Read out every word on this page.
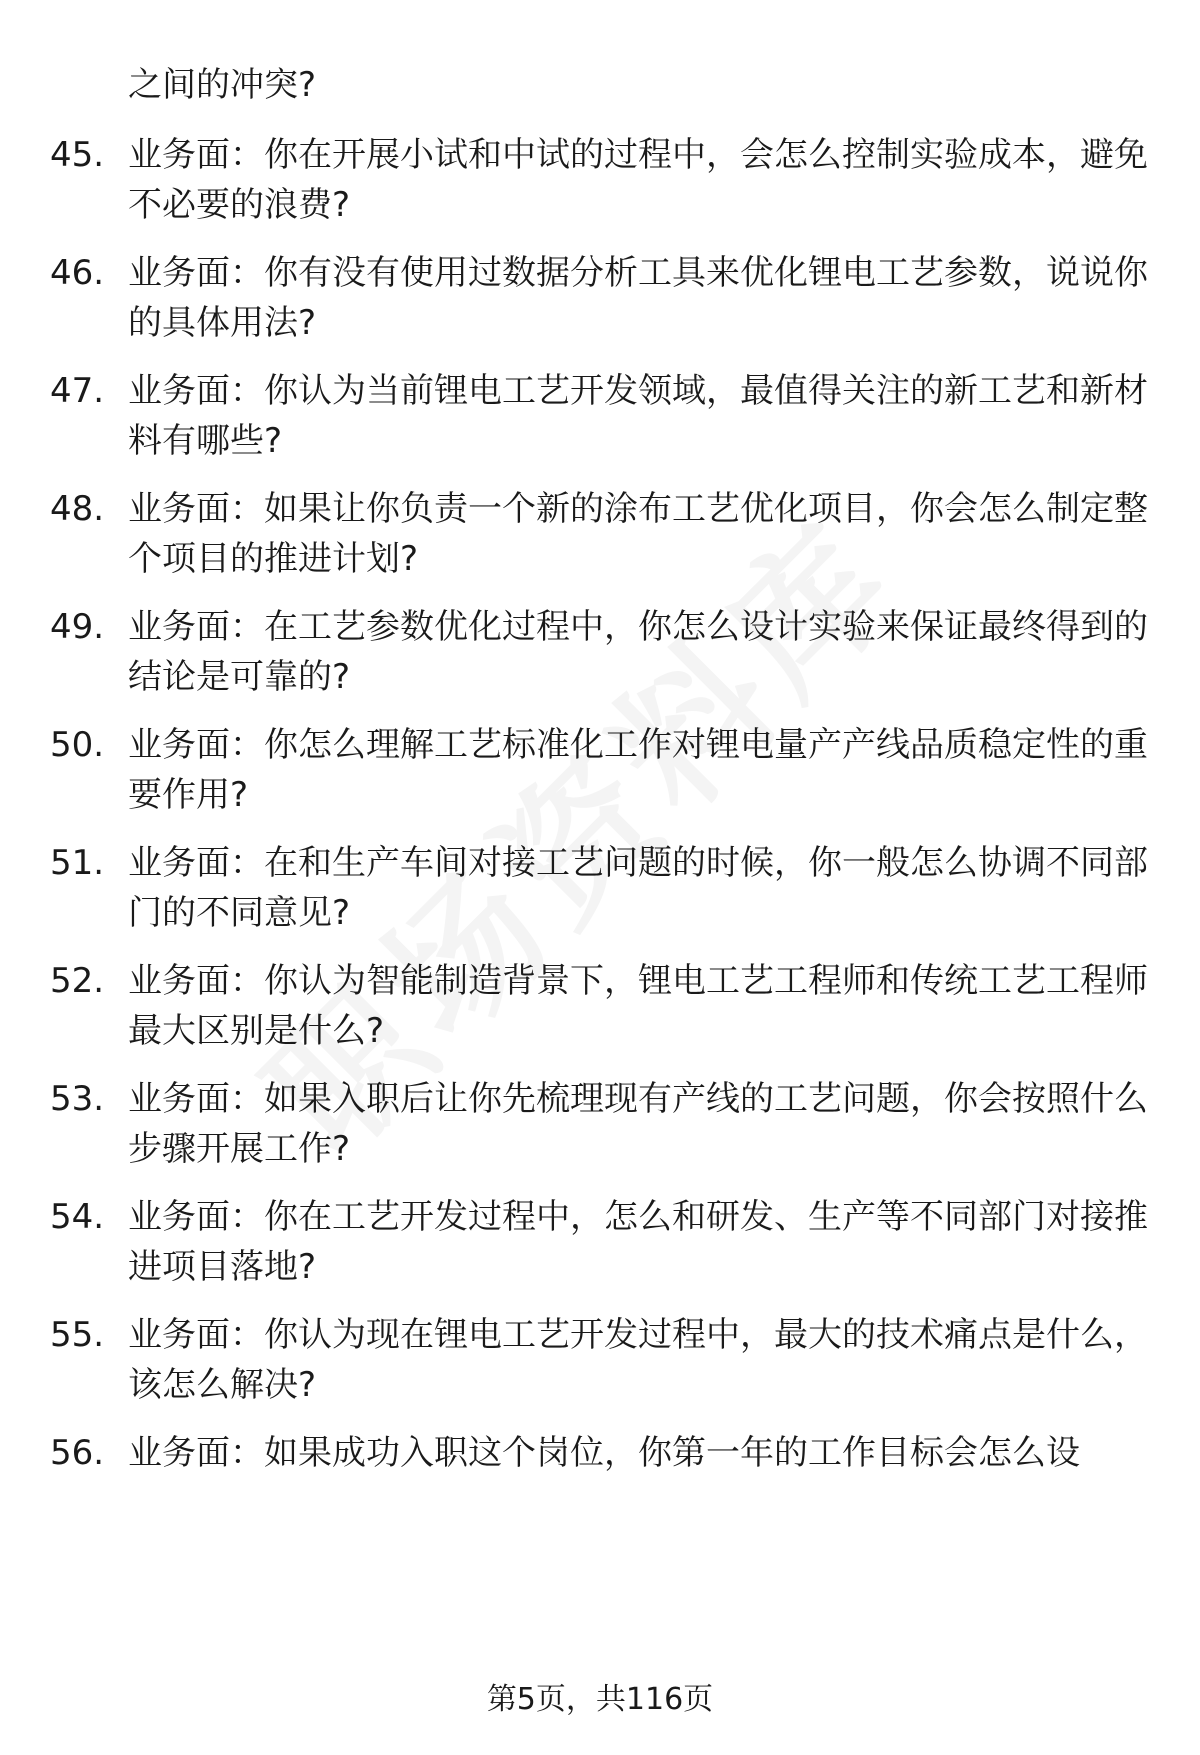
之间的冲突?
45. 业务面：你在开展小试和中试的过程中，会怎么控制实验成本，避免不必要的浪费?
46. 业务面：你有没有使用过数据分析工具来优化锂电工艺参数，说说你的具体用法?
47. 业务面：你认为当前锂电工艺开发领域，最值得关注的新工艺和新材料有哪些?
48. 业务面：如果让你负责一个新的涂布工艺优化项目，你会怎么制定整个项目的推进计划?
49. 业务面：在工艺参数优化过程中，你怎么设计实验来保证最终得到的结论是可靠的?
50. 业务面：你怎么理解工艺标准化工作对锂电量产产线品质稳定性的重要作用?
51. 业务面：在和生产车间对接工艺问题的时候，你一般怎么协调不同部门的不同意见?
52. 业务面：你认为智能制造背景下，锂电工艺工程师和传统工艺工程师最大区别是什么?
53. 业务面：如果入职后让你先梳理现有产线的工艺问题，你会按照什么步骤开展工作?
54. 业务面：你在工艺开发过程中，怎么和研发、生产等不同部门对接推进项目落地?
55. 业务面：你认为现在锂电工艺开发过程中，最大的技术痛点是什么，该怎么解决?
56. 业务面：如果成功入职这个岗位，你第一年的工作目标会怎么设
第5页，共116页
